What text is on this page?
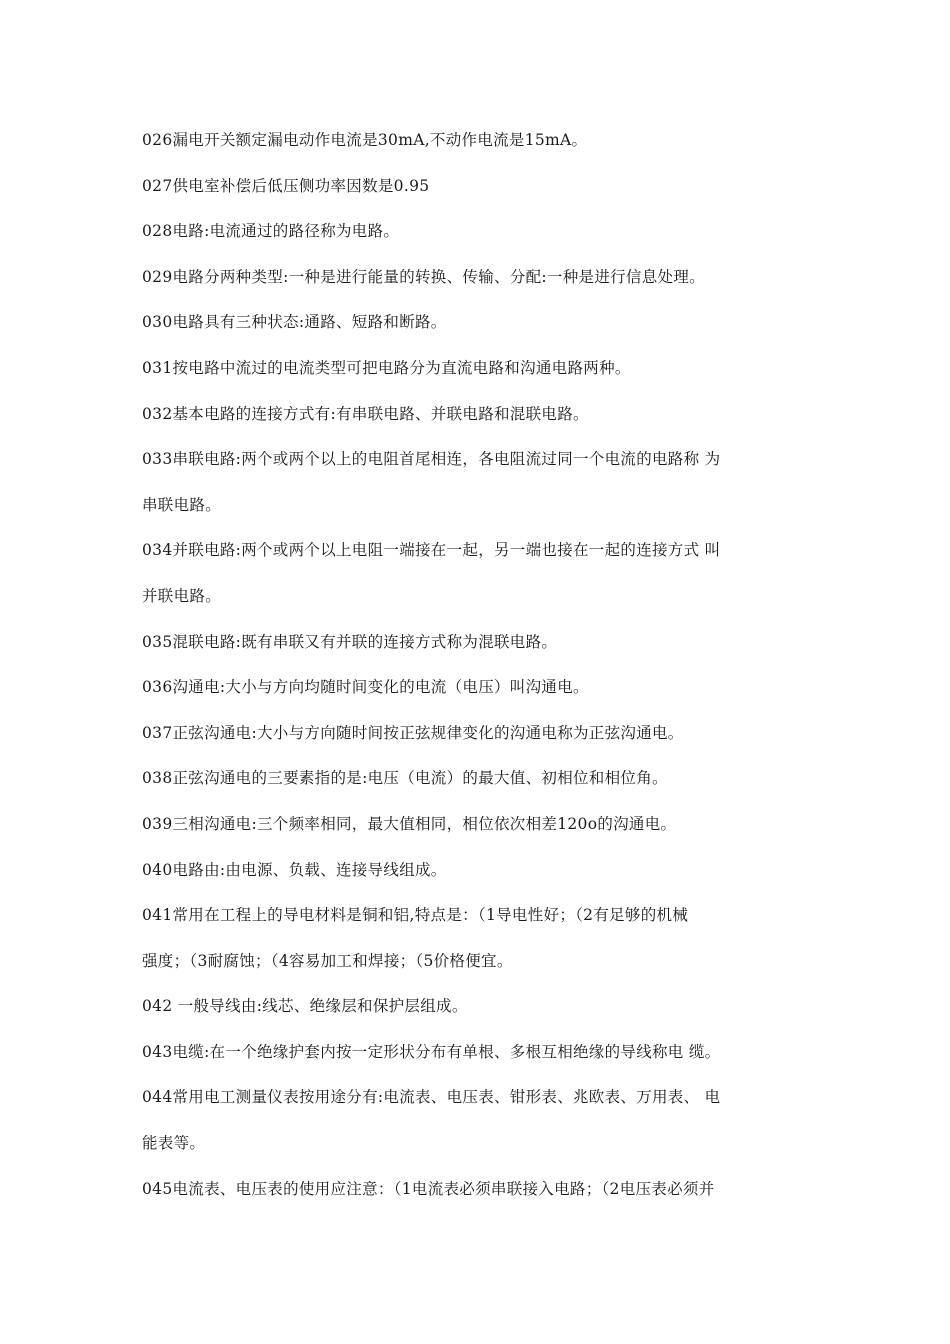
026漏电开关额定漏电动作电流是30mA,不动作电流是15mA。
027供电室补偿后低压侧功率因数是0.95
028电路:电流通过的路径称为电路。
029电路分两种类型:一种是进行能量的转换、传输、分配:一种是进行信息处理。
030电路具有三种状态:通路、短路和断路。
031按电路中流过的电流类型可把电路分为直流电路和沟通电路两种。
032基本电路的连接方式有:有串联电路、并联电路和混联电路。
033串联电路:两个或两个以上的电阻首尾相连，各电阻流过同一个电流的电路称 为
串联电路。
034并联电路:两个或两个以上电阻一端接在一起，另一端也接在一起的连接方式 叫
并联电路。
035混联电路:既有串联又有并联的连接方式称为混联电路。
036沟通电:大小与方向均随时间变化的电流（电压）叫沟通电。
037正弦沟通电:大小与方向随时间按正弦规律变化的沟通电称为正弦沟通电。
038正弦沟通电的三要素指的是:电压（电流）的最大值、初相位和相位角。
039三相沟通电:三个频率相同，最大值相同，相位依次相差120o的沟通电。
040电路由:由电源、负载、连接导线组成。
041常用在工程上的导电材料是铜和铝,特点是：（1导电性好；（2有足够的机械
强度；（3耐腐蚀；（4容易加工和焊接；（5价格便宜。
042 一般导线由:线芯、绝缘层和保护层组成。
043电缆:在一个绝缘护套内按一定形状分布有单根、多根互相绝缘的导线称电 缆。
044常用电工测量仪表按用途分有:电流表、电压表、钳形表、兆欧表、万用表、 电
能表等。
045电流表、电压表的使用应注意：（1电流表必须串联接入电路；（2电压表必须并
